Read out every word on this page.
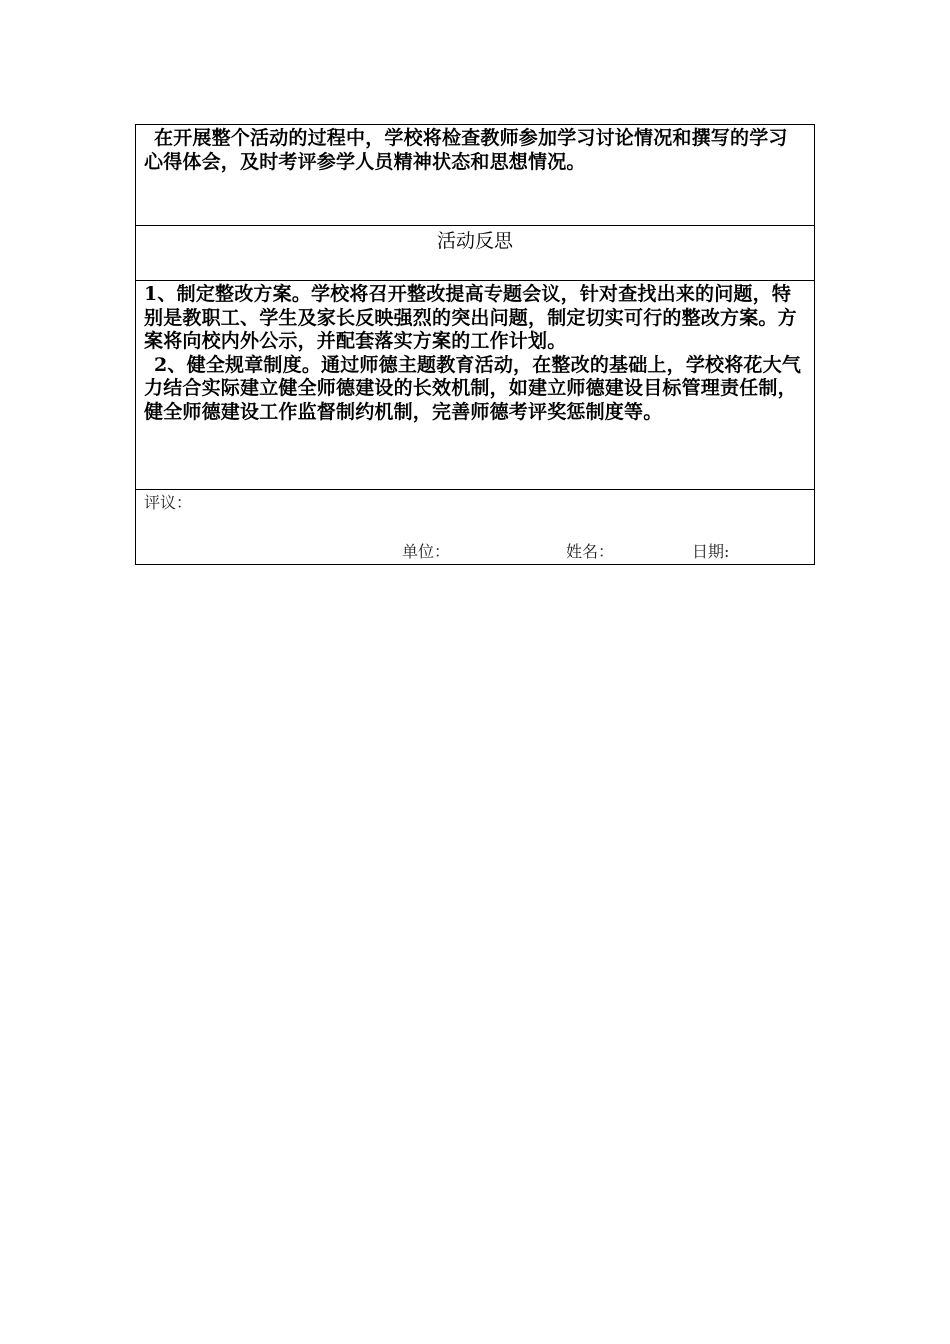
在开展整个活动的过程中，学校将检查教师参加学习讨论情况和撰写的学习心得体会，及时考评参学人员精神状态和思想情况。

活动反思

1、制定整改方案。学校将召开整改提高专题会议，针对查找出来的问题，特别是教职工、学生及家长反映强烈的突出问题，制定切实可行的整改方案。方案将向校内外公示，并配套落实方案的工作计划。

2、健全规章制度。通过师德主题教育活动，在整改的基础上，学校将花大气力结合实际建立健全师德建设的长效机制，如建立师德建设目标管理责任制，健全师德建设工作监督制约机制，完善师德考评奖惩制度等。

评议：
单位：	姓名：	日期:
